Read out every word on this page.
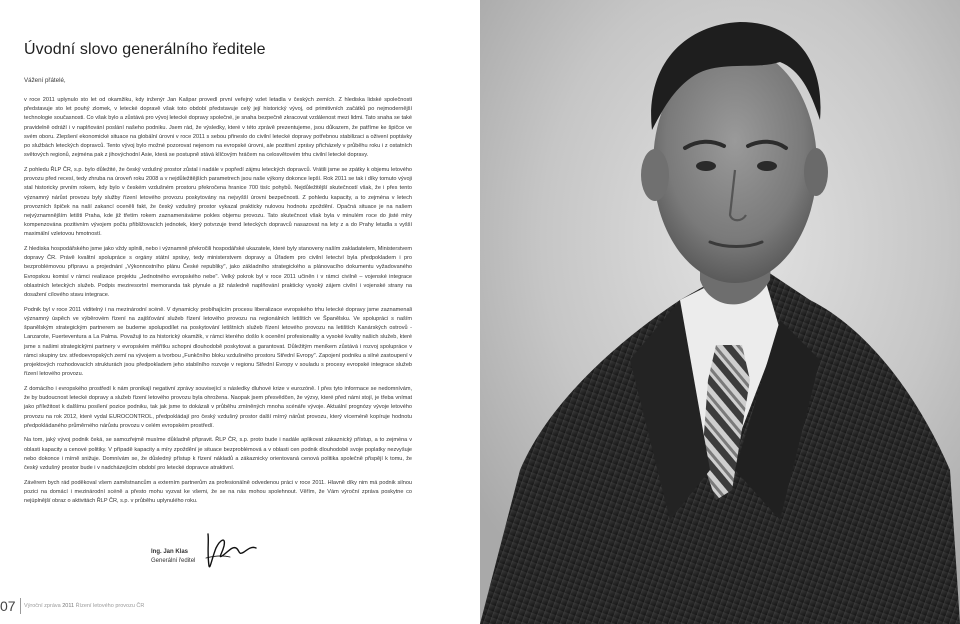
Úvodní slovo generálního ředitele
Vážení přátelé,

v roce 2011 uplynulo sto let od okamžiku, kdy inženýr Jan Kašpar provedl první veřejný vzlet letadla v českých zemích. Z hlediska lidské společnosti představuje sto let pouhý zlomek, v letecké dopravě však toto období představuje celý její historický vývoj, od primitivních začátků po nejmodernější technologie současnosti. Co však bylo a zůstává pro vývoj letecké dopravy společné, je snaha bezpečně zkracovat vzdálenost mezi lidmi. Tato snaha se také pravidelně odráží i v naplňování poslání našeho podniku. Jsem rád, že výsledky, které v této zprávě prezentujeme, jsou důkazem, že patříme ke špičce ve svém oboru. Zlepšení ekonomické situace na globální úrovni v roce 2011 s sebou přineslo do civilní letecké dopravy potřebnou stabilizaci a oživení poptávky po službách leteckých dopravců. Tento vývoj bylo možné pozorovat nejenom na evropské úrovni, ale pozitivní zprávy přicházely v průběhu roku i z ostatních světových regionů, zejména pak z jihovýchodní Asie, která se postupně stává klíčovým hráčem na celosvětovém trhu civilní letecké dopravy.

Z pohledu ŘLP ČR, s.p. bylo důležité, že český vzdušný prostor zůstal i nadále v popředí zájmu leteckých dopravců. Vrátili jsme se zpátky k objemu letového provozu před recesí, tedy zhruba na úroveň roku 2008 a v nejdůležitějších parametrech jsou naše výkony dokonce lepší. Rok 2011 se tak i díky tomuto vývoji stal historicky prvním rokem, kdy bylo v českém vzdušném prostoru překročena hranice 700 tisíc pohybů. Nejdůležitější skutečností však, že i přes tento významný nárůst provozu byly služby řízení letového provozu poskytovány na nejvyšší úrovni bezpečnosti. Z pohledu kapacity, a to zejména v letech provozních špiček na naší zakancí oceněli fakt, že český vzdušný prostor vykazal prakticky nulovou hodnotu zpoždění. Opačná situace je na našem nejvýznamnějším letišti Praha, kde již třetím rokem zaznamenáváme pokles objemu provozu. Tato skutečnost však byla v minulém roce do jisté míry kompenzována pozitivním vývojem počtu přibližovacích jednotek, který potvrzuje trend leteckých dopravců nasazovat na lety z a do Prahy letadla s vyšší maximální vzletovou hmotností.

Z hlediska hospodářského jsme jako vždy splnili, nebo i významně překročili hospodářské ukazatele, které byly stanoveny naším zakladatelem, Ministerstvem dopravy ČR. Právě kvalitní spolupráce s orgány státní správy, tedy ministerstvem dopravy a Úřadem pro civilní letectví byla předpokladem i pro bezproblémovou přípravu a projednání „Výkonnostního plánu České republiky", jako základního strategického a plánovacího dokumentu vyžadovaného Evropskou komisí v rámci realizace projektu „Jednotného evropského nebe". Velký pokrok byl v roce 2011 učiněn i v rámci civilně – vojenské integrace oblastních leteckých služeb. Podpis meziresortní memoranda tak plynule a již následně naplňování prakticky vysoký zájem civilní i vojenské strany na dosažení cílového stavu integrace.

Podnik byl v roce 2011 viditelný i na mezinárodní scéně. V dynamicky probíhajícím procesu liberalizace evropského trhu letecké dopravy jsme zaznamenali významný úspěch ve výběrovém řízení na zajišťování služeb řízení letového provozu na regionálních letištích ve Španělsku. Ve spolupráci s naším španělským strategickým partnerem se budeme spolupodílet na poskytování letištních služeb řízení letového provozu na letištích Kanárských ostrovů - Lanzarote, Fuerteventura a La Palma. Považuji to za historický okamžik, v rámci kterého došlo k ocenění profesionality a vysoké kvality našich služeb, které jsme s našimi strategickými partnery v evropském měřítku schopni dlouhodobě poskytovat a garantovat. Důležitým meníkem zůstává i rozvoj spolupráce v rámci skupiny tzv. středoevropských zemí na vývojem a tvorbou „Funkčního bloku vzdušného prostoru Střední Evropy". Zapojení podniku a silné zastoupení v projektových rozhodovacích strukturách jsou předpokladem jeho stabilního rozvoje v regionu Střední Evropy v souladu s procesy evropské integrace služeb řízení letového provozu.

Z domácího i evropského prostředí k nám pronikají negativní zprávy související s následky dluhové krize v eurozóně. I přes tyto informace se nedomnívám, že by budoucnost letecké dopravy a služeb řízení letového provozu byla ohrožena. Naopak jsem přesvědčen, že výzvy, které před námi stojí, je třeba vnímat jako příležitost k dalšímu posílení pozice podniku, tak jak jsme to dokázali v průběhu zmíněných mnoha scénáře vývoje. Aktuální prognózy vývoje letového provozu na rok 2012, které vydal EUROCONTROL, předpokládají pro český vzdušný prostor další mírný nárůst provozu, který víceméně kopíruje hodnotu předpokládaného průměrného nárůstu provozu v celém evropském prostředí.

Na tom, jaký vývoj podnik čeká, se samozřejmě musíme důkladně připravit. ŘLP ČR, s.p. proto bude i nadále aplikovat zákaznický přístup, a to zejména v oblasti kapacity a cenové politiky. V případě kapacity a míry zpoždění je situace bezproblémová a v oblasti cen podnik dlouhodobě svoje poplatky nezvyšuje nebo dokonce i mírně snižuje. Domnívám se, že důsledný přístup k řízení nákladů a zákaznicky orientovaná cenová politika společně přispějí k tomu, že český vzdušný prostor bude i v nadcházejícím období pro letecké dopravce atraktivní.

Závěrem bych rád poděkoval všem zaměstnancům a externím partnerům za profesionálně odvedenou práci v roce 2011. Hlavně díky nim má podnik silnou pozici na domácí i mezinárodní scéně a přesto mohu vyzvat ke všemi, že se na nás mohou spolehnout. Věřím, že Vám výroční zpráva poskytne co nejúplnější obraz o aktivitách ŘLP ČR, s.p. v průběhu uplynulého roku.

Ing. Jan Klas
Generální ředitel
07 Výroční zpráva 2011 Řízení letového provozu ČR
